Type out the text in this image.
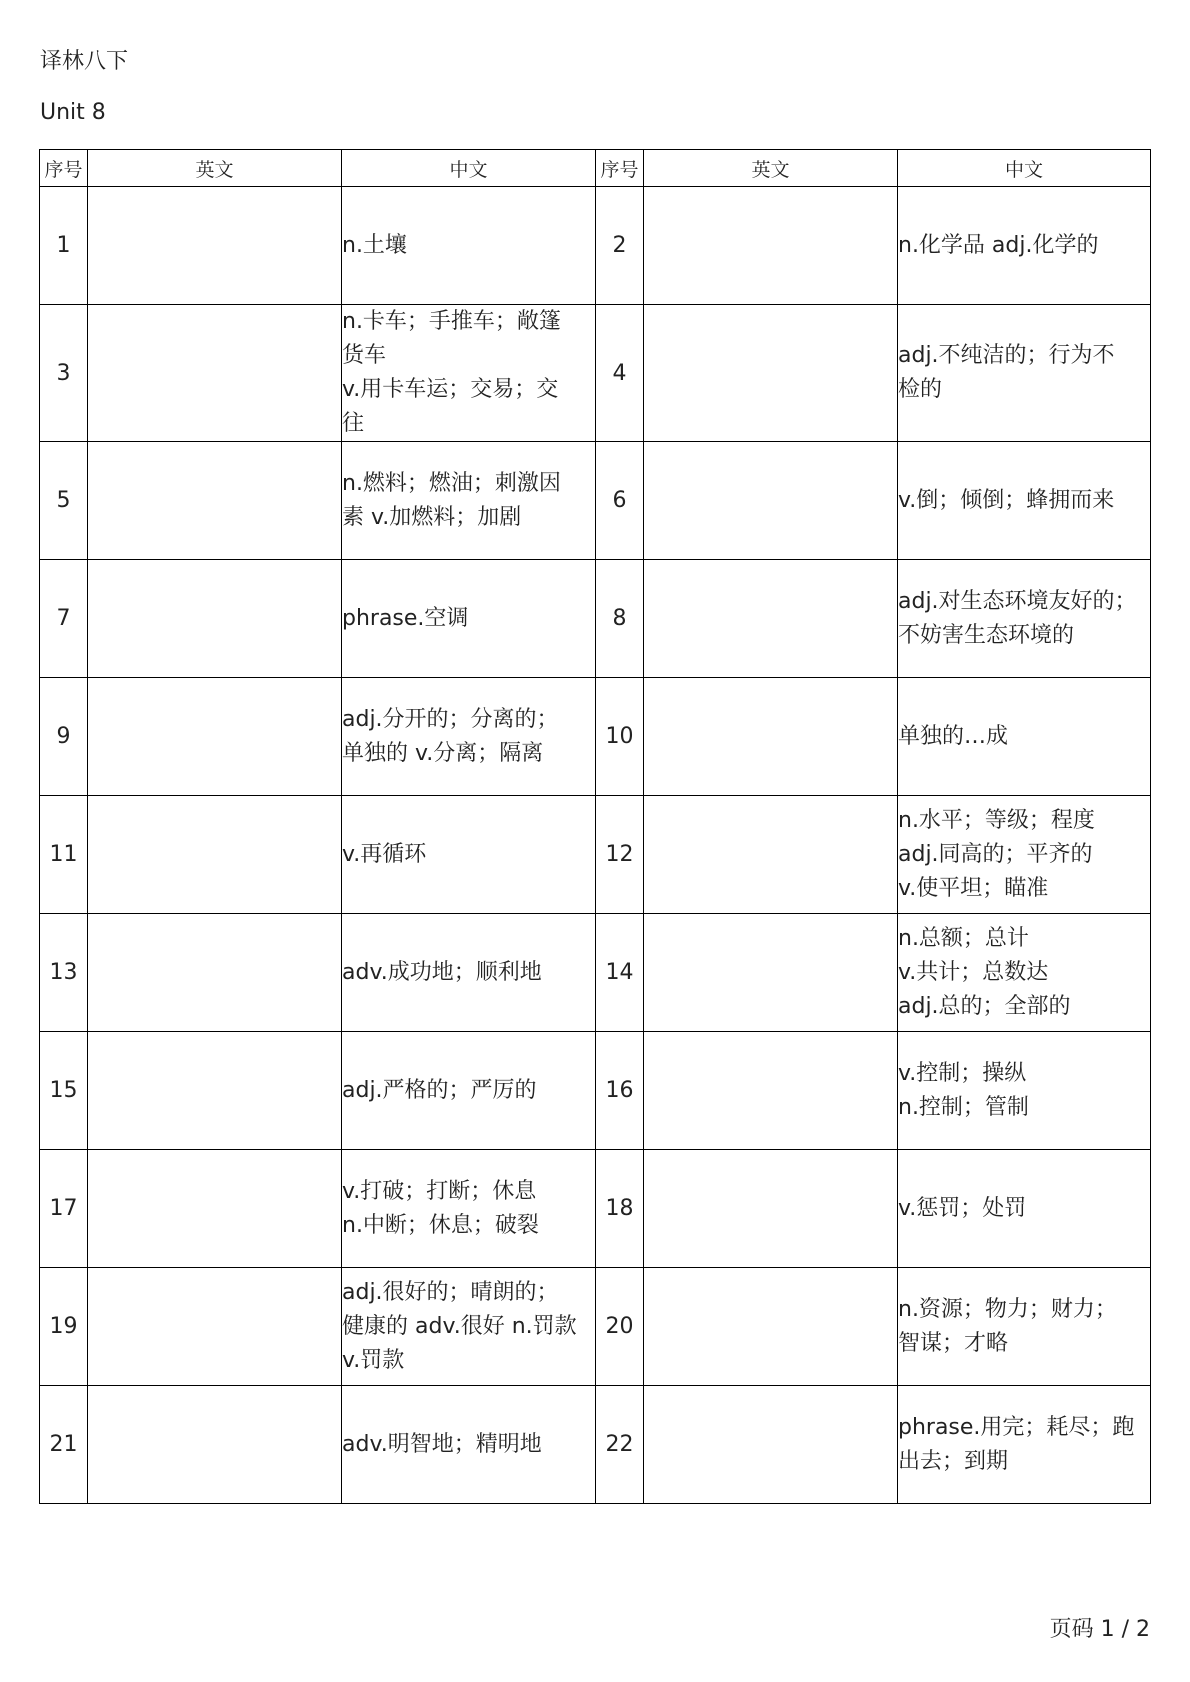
译林八下
Unit 8
序号	英文	中文	序号	英文	中文
1		n.土壤	2		n.化学品 adj.化学的

3		n.卡车；手推车；敞篷
货车
v.用卡车运；交易；交
往	4		adj.不纯洁的；行为不
检的

5		n.燃料；燃油；刺激因
素 v.加燃料；加剧	6		v.倒；倾倒；蜂拥而来

7		phrase.空调	8		adj.对生态环境友好的；
不妨害生态环境的

9		adj.分开的；分离的；
单独的 v.分离；隔离	10		单独的…成

11		v.再循环	12		n.水平；等级；程度
adj.同高的；平齐的
v.使平坦；瞄准

13		adv.成功地；顺利地	14		n.总额；总计
v.共计；总数达
adj.总的；全部的

15		adj.严格的；严厉的	16		v.控制；操纵
n.控制；管制

17		v.打破；打断；休息
n.中断；休息；破裂	18		v.惩罚；处罚

19		adj.很好的；晴朗的；
健康的 adv.很好 n.罚款
v.罚款	20		n.资源；物力；财力；
智谋；才略

21		adv.明智地；精明地	22		phrase.用完；耗尽；跑
出去；到期
页码 1 / 2
